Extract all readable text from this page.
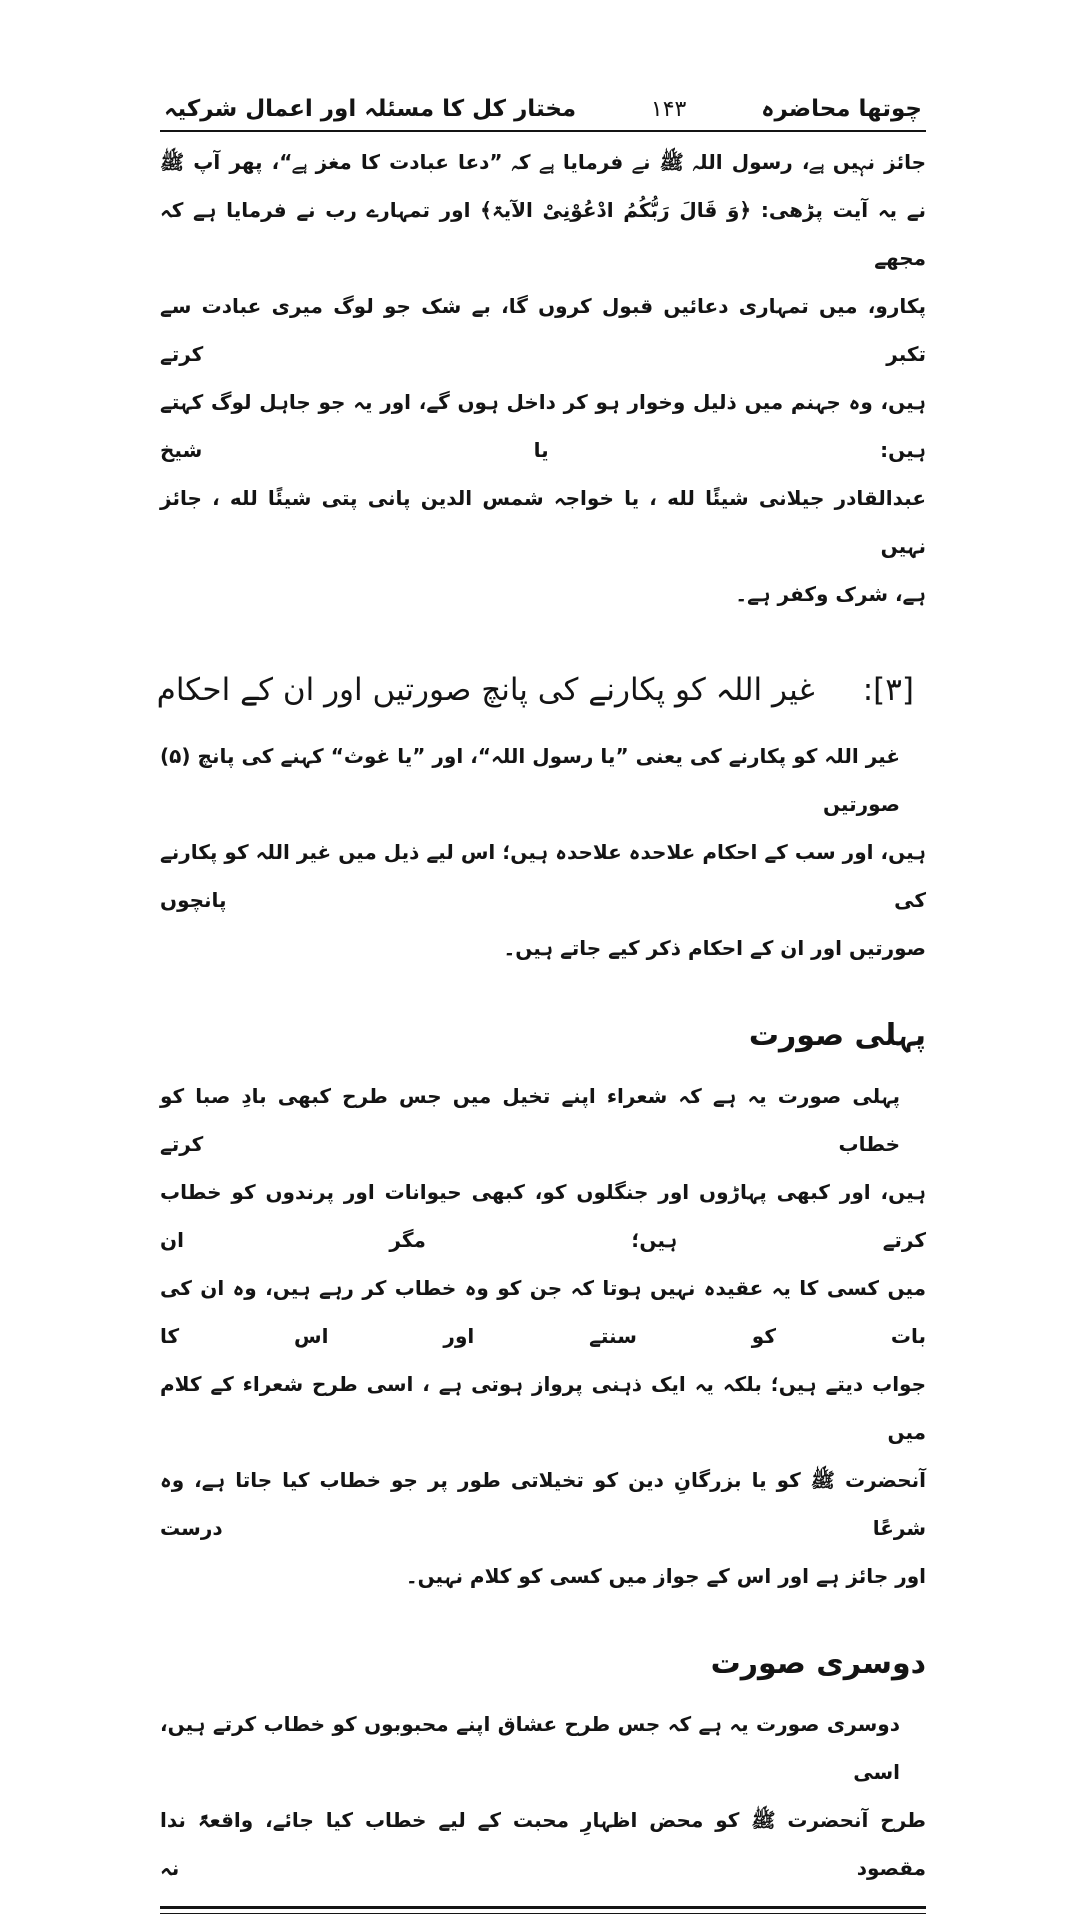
چوتھا محاضرہ
۱۴۳
مختار کل کا مسئلہ اور اعمال شرکیہ
جائز نہیں ہے، رسول اللہ ﷺ نے فرمایا ہے کہ ”دعا عبادت کا مغز ہے“، پھر آپ ﷺ
نے یہ آیت پڑھی: ﴿وَ قَالَ رَبُّكُمُ ادْعُوْنِیْ الآیۃ﴾ اور تمہارے رب نے فرمایا ہے کہ مجھے
پکارو، میں تمہاری دعائیں قبول کروں گا، بے شک جو لوگ میری عبادت سے تکبر کرتے
ہیں، وہ جہنم میں ذلیل وخوار ہو کر داخل ہوں گے، اور یہ جو جاہل لوگ کہتے ہیں: یا شیخ
عبدالقادر جیلانی شیئًا لله ، یا خواجہ شمس الدین پانی پتی شیئًا لله ، جائز نہیں
ہے، شرک وکفر ہے۔
[۳]:
غیر اللہ کو پکارنے کی پانچ صورتیں اور ان کے احکام
غیر اللہ کو پکارنے کی یعنی ”یا رسول اللہ“، اور ”یا غوث“ کہنے کی پانچ (۵) صورتیں
ہیں، اور سب کے احکام علاحدہ علاحدہ ہیں؛ اس لیے ذیل میں غیر اللہ کو پکارنے کی پانچوں
صورتیں اور ان کے احکام ذکر کیے جاتے ہیں۔
پہلی صورت
پہلی صورت یہ ہے کہ شعراء اپنے تخیل میں جس طرح کبھی بادِ صبا کو خطاب کرتے
ہیں، اور کبھی پہاڑوں اور جنگلوں کو، کبھی حیوانات اور پرندوں کو خطاب کرتے ہیں؛ مگر ان
میں کسی کا یہ عقیدہ نہیں ہوتا کہ جن کو وہ خطاب کر رہے ہیں، وہ ان کی بات کو سنتے اور اس کا
جواب دیتے ہیں؛ بلکہ یہ ایک ذہنی پرواز ہوتی ہے ، اسی طرح شعراء کے کلام میں
آنحضرت ﷺ کو یا بزرگانِ دین کو تخیلاتی طور پر جو خطاب کیا جاتا ہے، وہ شرعًا درست
اور جائز ہے اور اس کے جواز میں کسی کو کلام نہیں۔
دوسری صورت
دوسری صورت یہ ہے کہ جس طرح عشاق اپنے محبوبوں کو خطاب کرتے ہیں، اسی
طرح آنحضرت ﷺ کو محض اظہارِ محبت کے لیے خطاب کیا جائے، واقعۃً ندا مقصود نہ
